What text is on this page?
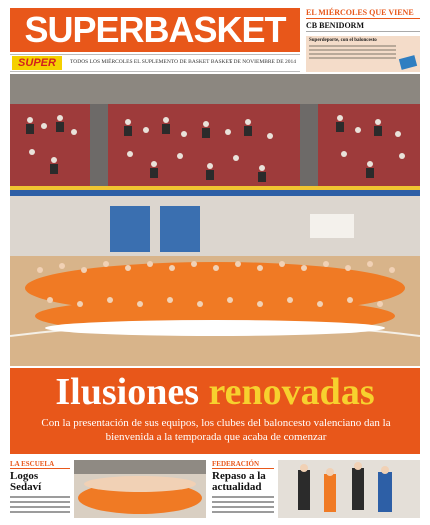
SUPERBASKET	EL MIÉRCOLES QUE VIENE
CB BENIDORM
Superdeporte, con el baloncesto
SUPER	TODOS LOS MIÉRCOLES EL SUPLEMENTO DE BASKET BASKET
5 DE NOVIEMBRE DE 2014
Ilusiones renovadas
Con la presentación de sus equipos, los clubes del baloncesto valenciano dan la bienvenida a la temporada que acaba de comenzar
LA ESCUELA
Logos Sedaví
FEDERACIÓN
Repaso a la actualidad
